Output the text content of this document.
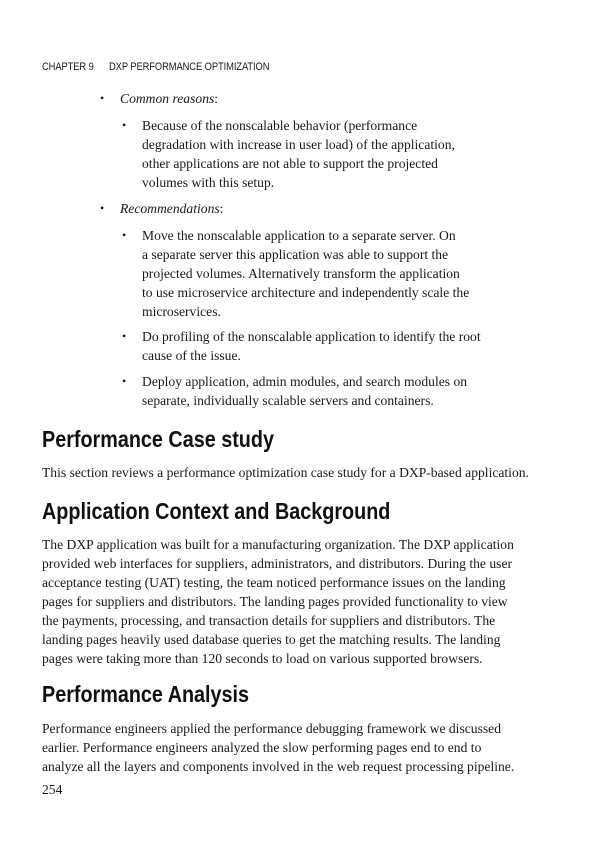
CHAPTER 9 DXP PERFORMANCE OPTIMIZATION
• Common reasons:
• Because of the nonscalable behavior (performance
degradation with increase in user load) of the application,
other applications are not able to support the projected
volumes with this setup.
• Recommendations:
• Move the nonscalable application to a separate server. On
a separate server this application was able to support the
projected volumes. Alternatively transform the application
to use microservice architecture and independently scale the
microservices.
• Do profiling of the nonscalable application to identify the root
cause of the issue.
• Deploy application, admin modules, and search modules on
separate, individually scalable servers and containers.
Performance Case study
This section reviews a performance optimization case study for a DXP-based application.
Application Context and Background
The DXP application was built for a manufacturing organization. The DXP application
provided web interfaces for suppliers, administrators, and distributors. During the user
acceptance testing (UAT) testing, the team noticed performance issues on the landing
pages for suppliers and distributors. The landing pages provided functionality to view
the payments, processing, and transaction details for suppliers and distributors. The
landing pages heavily used database queries to get the matching results. The landing
pages were taking more than 120 seconds to load on various supported browsers.
Performance Analysis
Performance engineers applied the performance debugging framework we discussed
earlier. Performance engineers analyzed the slow performing pages end to end to
analyze all the layers and components involved in the web request processing pipeline.
254
